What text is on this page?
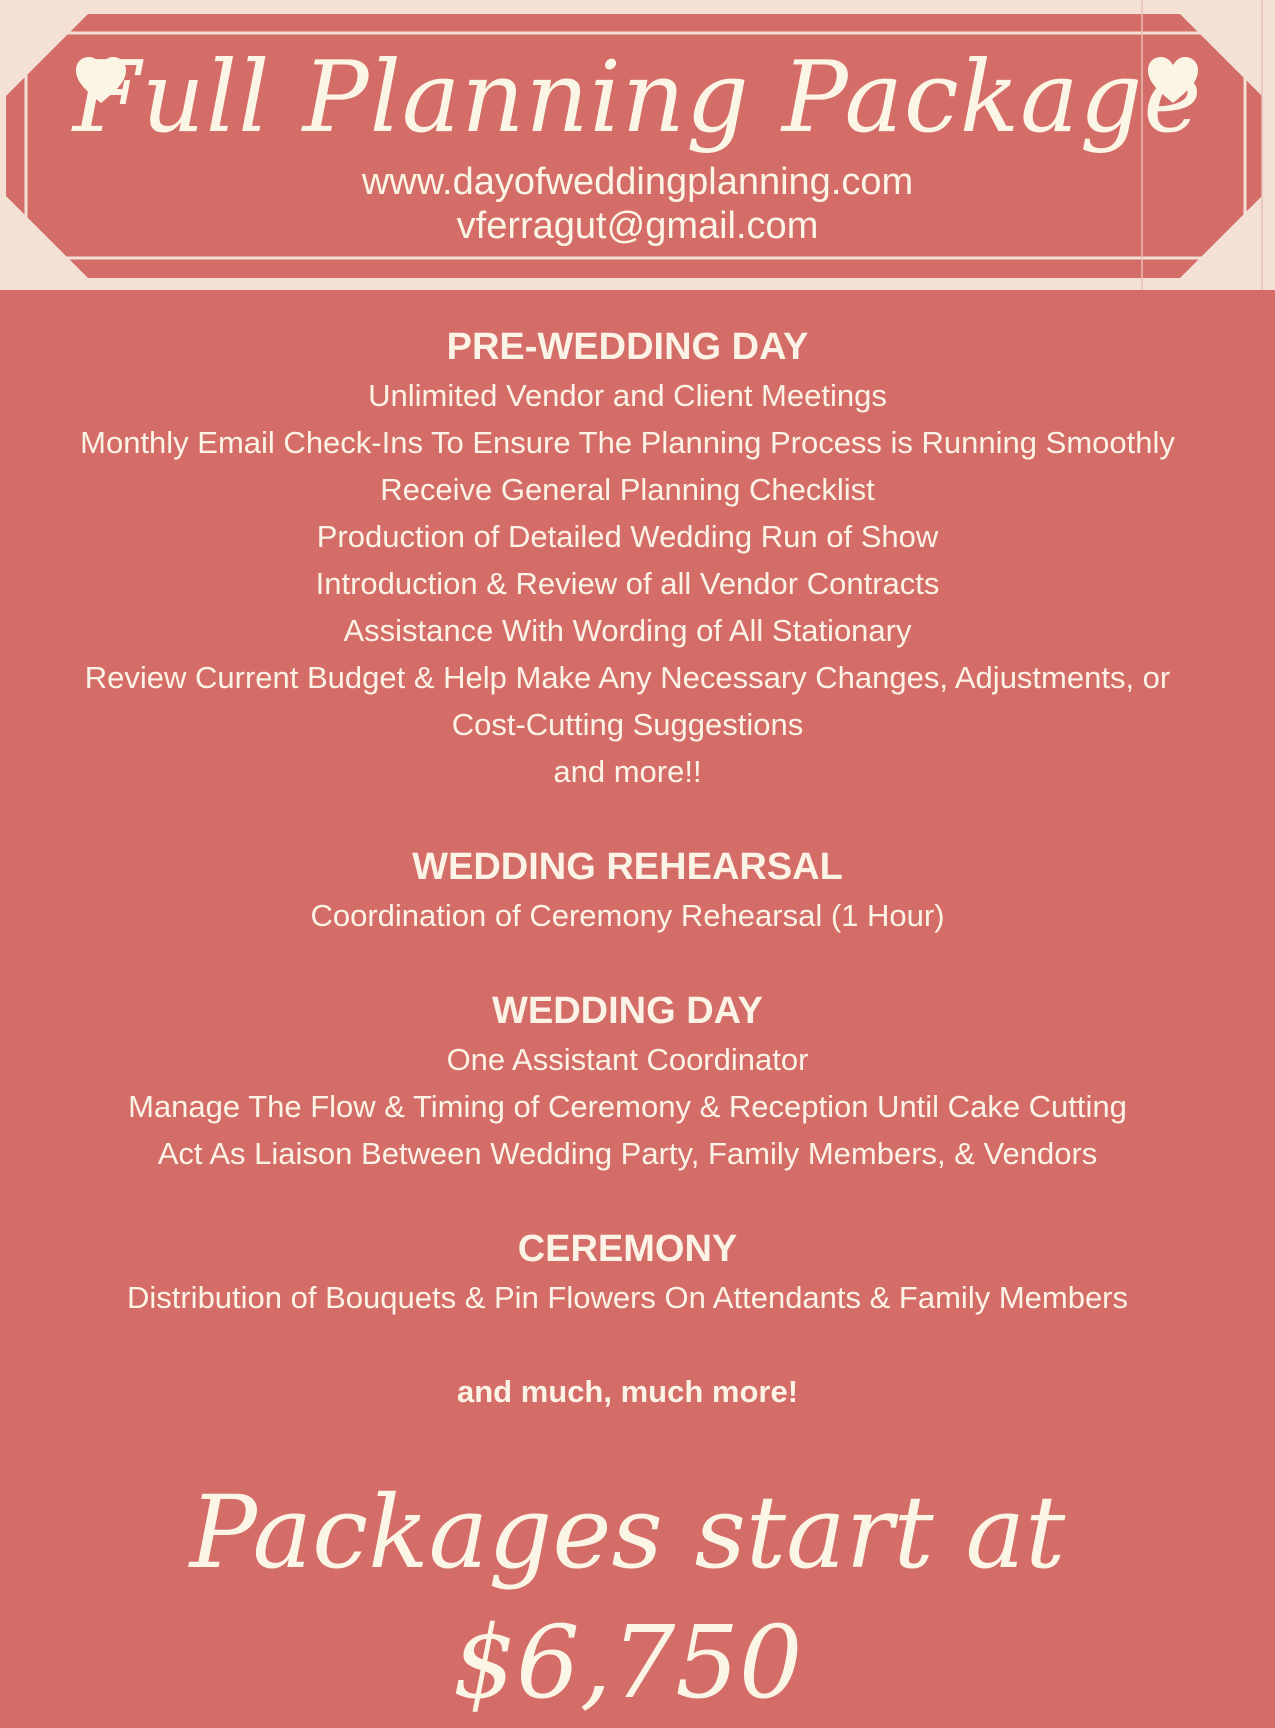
Full Planning Package
www.dayofweddingplanning.com
vferragut@gmail.com

PRE-WEDDING DAY

Unlimited Vendor and Client Meetings

Monthly Email Check-Ins To Ensure The Planning Process is Running Smoothly

Receive General Planning Checklist

Production of Detailed Wedding Run of Show

Introduction & Review of all Vendor Contracts

Assistance With Wording of All Stationary

Review Current Budget & Help Make Any Necessary Changes, Adjustments, or

Cost-Cutting Suggestions

and more!!

WEDDING REHEARSAL

Coordination of Ceremony Rehearsal (1 Hour)

WEDDING DAY

One Assistant Coordinator

Manage The Flow & Timing of Ceremony & Reception Until Cake Cutting

Act As Liaison Between Wedding Party, Family Members, & Vendors

CEREMONY

Distribution of Bouquets & Pin Flowers On Attendants & Family Members

and much, much more!

Packages start at $6,750
